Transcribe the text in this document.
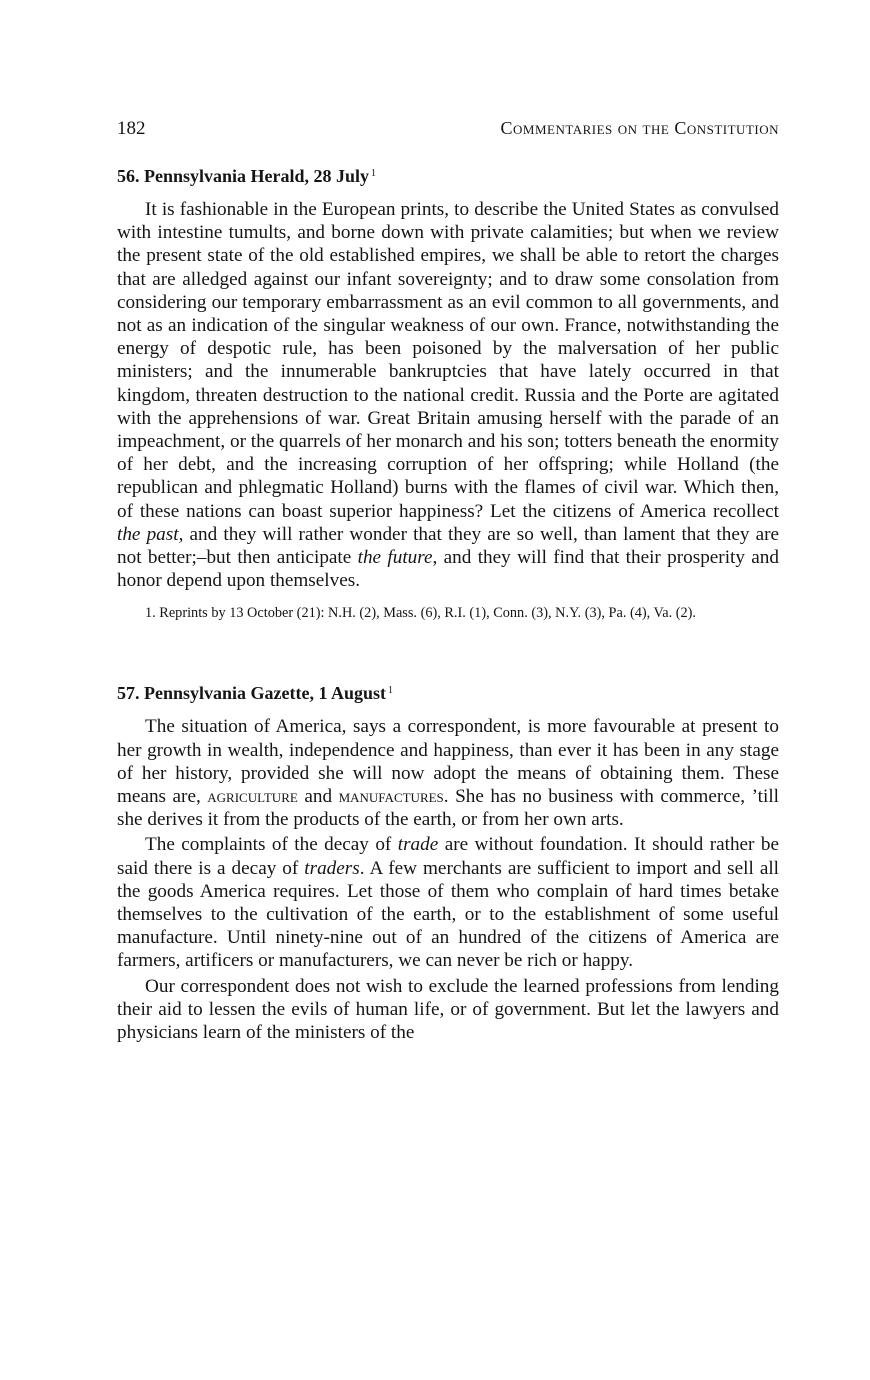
182	Commentaries on the Constitution
56. Pennsylvania Herald, 28 July $^1$

It is fashionable in the European prints, to describe the United States as convulsed with intestine tumults, and borne down with private calamities; but when we review the present state of the old established empires, we shall be able to retort the charges that are alledged against our infant sovereignty; and to draw some consolation from considering our temporary embarrassment as an evil common to all governments, and not as an indication of the singular weakness of our own. France, notwithstanding the energy of despotic rule, has been poisoned by the malversation of her public ministers; and the innumerable bankruptcies that have lately occurred in that kingdom, threaten destruction to the national credit. Russia and the Porte are agitated with the apprehensions of war. Great Britain amusing herself with the parade of an impeachment, or the quarrels of her monarch and his son; totters beneath the enormity of her debt, and the increasing corruption of her offspring; while Holland (the republican and phlegmatic Holland) burns with the flames of civil war. Which then, of these nations can boast superior happiness? Let the citizens of America recollect the past, and they will rather wonder that they are so well, than lament that they are not better;–but then anticipate the future, and they will find that their prosperity and honor depend upon themselves.

1. Reprints by 13 October (21): N.H. (2), Mass. (6), R.I. (1), Conn. (3), N.Y. (3), Pa. (4), Va. (2).

57. Pennsylvania Gazette, 1 August $^1$

The situation of America, says a correspondent, is more favourable at present to her growth in wealth, independence and happiness, than ever it has been in any stage of her history, provided she will now adopt the means of obtaining them. These means are, agriculture and manufactures. She has no business with commerce, ’till she derives it from the products of the earth, or from her own arts.

The complaints of the decay of trade are without foundation. It should rather be said there is a decay of traders. A few merchants are sufficient to import and sell all the goods America requires. Let those of them who complain of hard times betake themselves to the cultivation of the earth, or to the establishment of some useful manufacture. Until ninety-nine out of an hundred of the citizens of America are farmers, artificers or manufacturers, we can never be rich or happy.

Our correspondent does not wish to exclude the learned professions from lending their aid to lessen the evils of human life, or of government. But let the lawyers and physicians learn of the ministers of the
